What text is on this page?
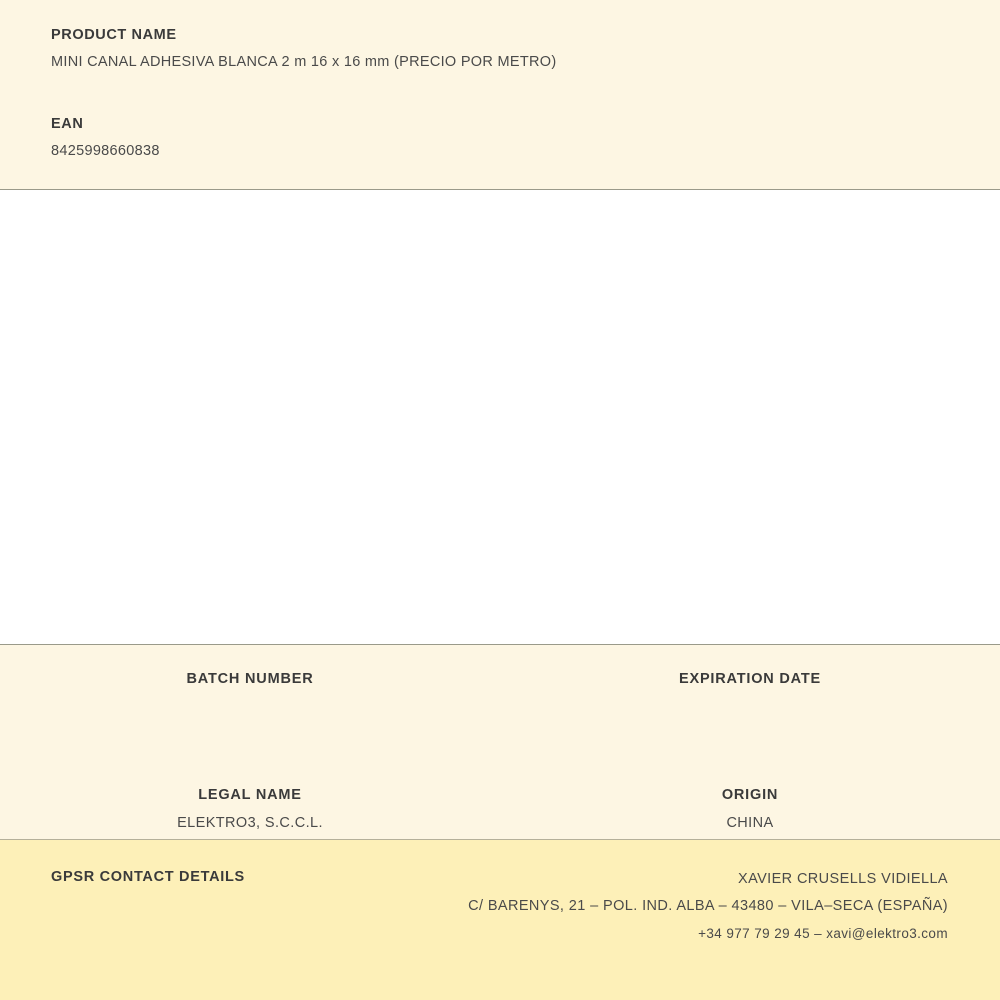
PRODUCT NAME
MINI CANAL ADHESIVA BLANCA 2 m 16 x 16 mm (PRECIO POR METRO)
EAN
8425998660838
BATCH NUMBER	EXPIRATION DATE
LEGAL NAME
ELEKTRO3, S.C.C.L.
ORIGIN
CHINA
GPSR CONTACT DETAILS	XAVIER CRUSELLS VIDIELLA
C/ BARENYS, 21 – POL. IND. ALBA – 43480 – VILA–SECA (ESPAÑA)
+34 977 79 29 45 – xavi@elektro3.com
